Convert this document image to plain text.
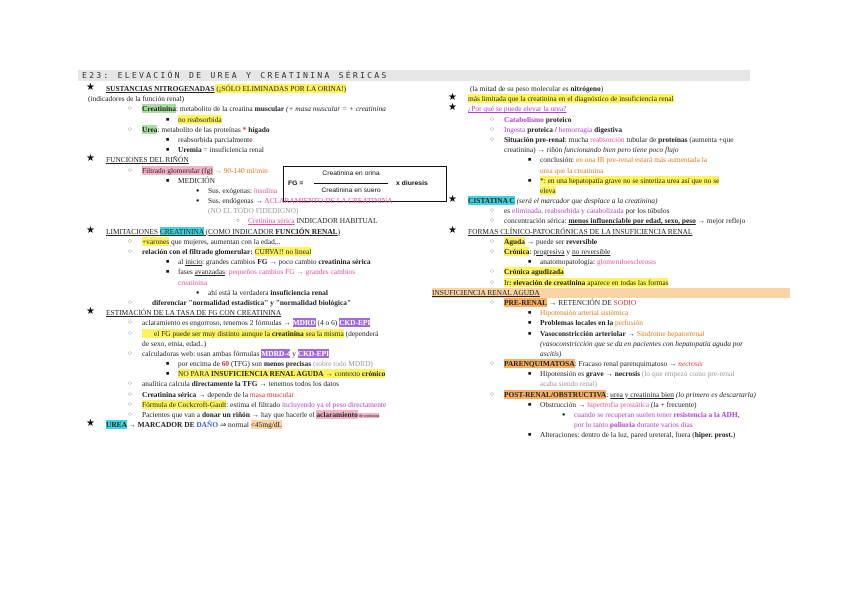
E23: ELEVACIÓN DE UREA Y CREATININA SÉRICAS
FG =
Creatinina en orina
Creatinina en suero
x diuresis
★ SUSTANCIAS NITROGENADAS (¡SÓLO ELIMINADAS POR LA ORINA!)
(indicadores de la función renal)
○ Creatinina: metabolito de la creatina muscular (+ masa muscular = + creatinina
■ no reabsorbida
○ Urea: metabolito de las proteínas * hígado
■ reabsorbida parcialmente
■ Uremia = insuficiencia renal
★ FUNCIONES DEL RIÑÓN
○ Filtrado glomerular (fg) → 90-140 ml/min
■ MEDICIÓN
● Sus. exógenas: insulina
● Sus. endógenas → ACLARAMIENTO DE LA CREATININA
(NO EL TODO FIDEDIGNO)
Cretinina sérica INDICADOR HABITUAL
★ LIMITACIONES CREATININA (COMO INDICADOR FUNCIÓN RENAL)
○ +varones que mujeres, aumentan con la edad,..
○ relación con el filtrado glomerular: CURVA!! no lineal
■ al inicio: grandes cambios FG → poco cambio creatinina sérica
■ fases avanzadas: pequeños cambios FG → grandes cambios
creatinina
● ahí está la verdadera insuficiencia renal
○ diferenciar "normalidad estadística" y "normalidad biológica"
★ ESTIMACIÓN DE LA TASA DE FG CON CREATININA
○ aclaramiento es engorroso, tenemos 2 fórmulas → MDRD (4 o 6) CKD-EPI
○ el FG puede ser muy distinto aunque la creatinina sea la misma (dependerá
de sexo, etnia, edad..)
○ calculadoras web: usan ambas fórmulas MDRD-4 y CKD-EPI
■ por encima de 60 (TFG) son menos precisas (sobre todo MDRD)
■ NO PARA INSUFICIENCIA RENAL AGUDA → contexto crónico
○ analítica calcula directamente la TFG → tenemos todos los datos
○ Creatinina sérica → depende de la masa muscular
○ Fórmula de Cockcroft-Gault: estima el filtrado incluyendo ya el peso directamente
○ Pacientes que van a donar un riñón → hay que hacerle el aclaramiento de creatinina
★ UREA → MARCADOR DE DAÑO ⇒ normal <45mg/dL
(la mitad de su peso molecular es nitrógeno)
★ más limitada que la creatinina en el diagnóstico de insuficiencia renal
★ ¿Por qué se puede elevar la urea?
○ Catabolismo proteico
○ Ingesta proteica / hemorragia digestiva
○ Situación pre-renal: mucha reabsorción tubular de proteínas (aumenta +que
creatinina) → riñón funcionando bien pero tiene poco flujo
■ conclusión: en una IR pre-renal estará más aumentada la
urea que la creatinina
■ *: en una hepatopatía grave no se sintetiza urea así que no se
eleva
★ CISTATINA C (será el marcador que desplace a la creatinina)
○ es eliminada, reabsorbida y catabolizada por los túbulos
○ concentración sérica: menos influenciable por edad, sexo, peso → mejor reflejo
★ FORMAS CLÍNICO-PATOCRÓNICAS DE LA INSUFICIENCIA RENAL
○ Aguda → puede ser reversible
○ Crónica: progresiva y no reversible
■ anatomopatología: glomeruloesclerosis
○ Crónica agudizada
○ Ir: elevación de creatinina aparece en todas las formas
INSUFICIENCIA RENAL AGUDA
○ PRE-RENAL → RETENCIÓN DE SODIO
■ Hipotensión arterial sistémica
■ Problemas locales en la perfusión
■ Vasoconstricción arteriolar → Síndrome hepatorrenal
(vasoconstricción que se da en pacientes con hepatopatía aguda por
ascitis)
○ PARENQUIMATOSA: Fracaso renal parenquimatoso → necrosis
■ Hipotensión es grave → necrosis (lo que empezó como pre-renal
acaba siendo renal)
○ POST-RENAL/OBSTRUCTIVA: urea y creatinina bien (lo primero es descartarla)
■ Obstrucción → hipertrofia prostática (la + frecuente)
● cuando se recuperan suelen tener resistencia a la ADH,
por lo tanto poliuria durante varios días
■ Alteraciones: dentro de la luz, pared ureteral, fuera (hiper. prost.)
